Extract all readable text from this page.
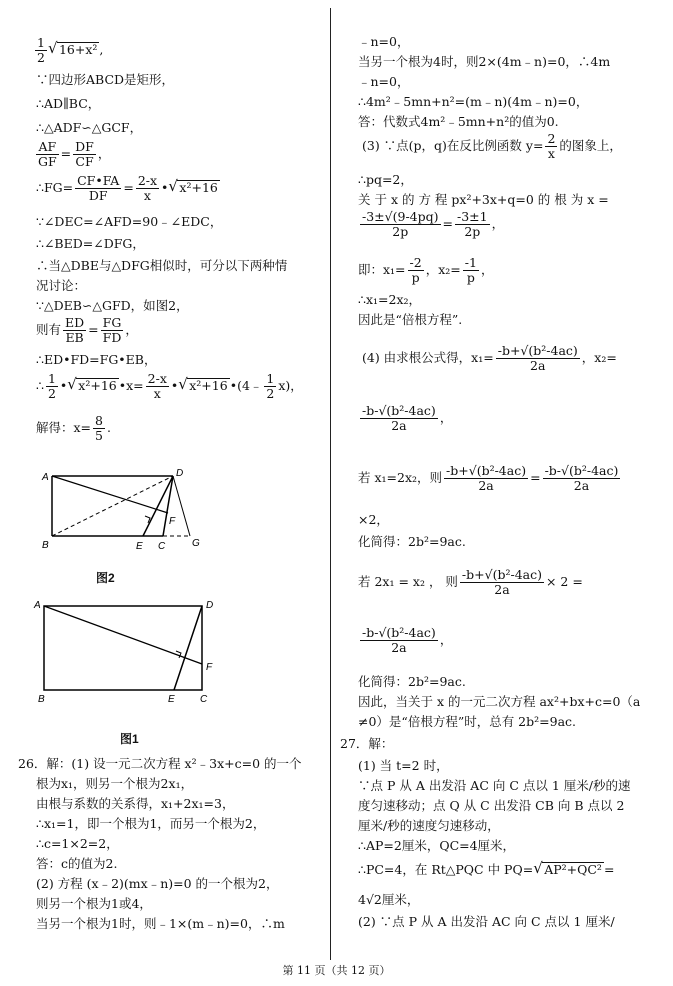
$\frac{1}{2}$ √ 16+x² ,
∵四边形ABCD是矩形，
∴AD∥BC，
∴△ADF∽△GCF，
$\frac{AF}{GF} = \frac{DF}{CF}$ ，
∴FG= $\frac{CF•FA}{DF} = \frac{2-x}{x}$ • √ x²+16
∵∠DEC=∠AFD=90﹣∠EDC，
∴∠BED=∠DFG，
∴当△DBE与△DFG相似时，可分以下两种情
况讨论：
∵△DEB∽△GFD，如图2，
则有 $\frac{ED}{EB} = \frac{FG}{FD}$ ，
∴ED•FD=FG•EB，
∴ $\frac{1}{2}$ • √ x²+16 •x= $\frac{2-x}{x}$ • √ x²+16 •(4﹣ $\frac{1}{2} x$)，
解得：$x= \frac{8}{5}$ .
A	D
B	E C
F
G
图2
A	D
F
B	E	C
图1
26．解：(1) 设一元二次方程 x²﹣3x+c=0 的一个
根为x₁，则另一个根为2x₁，
由根与系数的关系得，x₁+2x₁=3，
∴x₁=1，即一个根为1，而另一个根为2，
∴c=1×2=2，
答：c的值为2.
(2) 方程 (x﹣2)(mx﹣n)=0 的一个根为2，
则另一个根为1或4，
当另一个根为1时，则﹣1×(m﹣n)=0，∴m
﹣n=0，
当另一个根为4时，则2×(4m﹣n)=0，∴4m
﹣n=0，
∴4m²﹣5mn+n²=(m﹣n)(4m﹣n)=0，
答：代数式4m²﹣5mn+n²的值为0.
(3) ∵点(p，q)在反比例函数 $y= \frac{2}{x}$ 的图象上，
∴pq=2，
关 于 x 的 方 程 px²+3x+q=0 的 根 为 x =
$\frac{-3\pm√(9-4pq)}{2p} = \frac{-3\pm 1}{2p}$ ，
即：$x_1= \frac{-2}{p}$ ，$x_2= \frac{-1}{p}$ ，
∴x₁=2x₂，
因此是“倍根方程”.
(4) 由求根公式得，$x_1= \frac{\text{-b+√(b²-4ac)}}{2a}$ ，x₂=
$\frac{\text{-b-√(b²-4ac)}}{2a}$ ，
若 x₁=2x₂，则 $\frac{\text{-b+√(b²-4ac)}}{2a} = \frac{\text{-b-√(b²-4ac)}}{2a}$
×2，
化简得：2b²=9ac.
若 2x₁ = x₂ ， 则 $\frac{\text{-b+√(b²-4ac)}}{2a} \times 2$ =
$\frac{\text{-b-√(b²-4ac)}}{2a}$ ，
化简得：2b²=9ac.
因此，当关于 x 的一元二次方程 ax²+bx+c=0（a
≠0）是“倍根方程”时，总有 2b²=9ac.
27．解：
(1) 当 t=2 时，
∵点 P 从 A 出发沿 AC 向 C 点以 1 厘米/秒的速
度匀速移动；点 Q 从 C 出发沿 CB 向 B 点以 2
厘米/秒的速度匀速移动，
∴AP=2厘米，QC=4厘米，
∴PC=4，在 Rt△PQC 中 PQ= √ AP²+QC² =
4√2厘米，
(2) ∵点 P 从 A 出发沿 AC 向 C 点以 1 厘米/
第 11 页（共 12 页）
